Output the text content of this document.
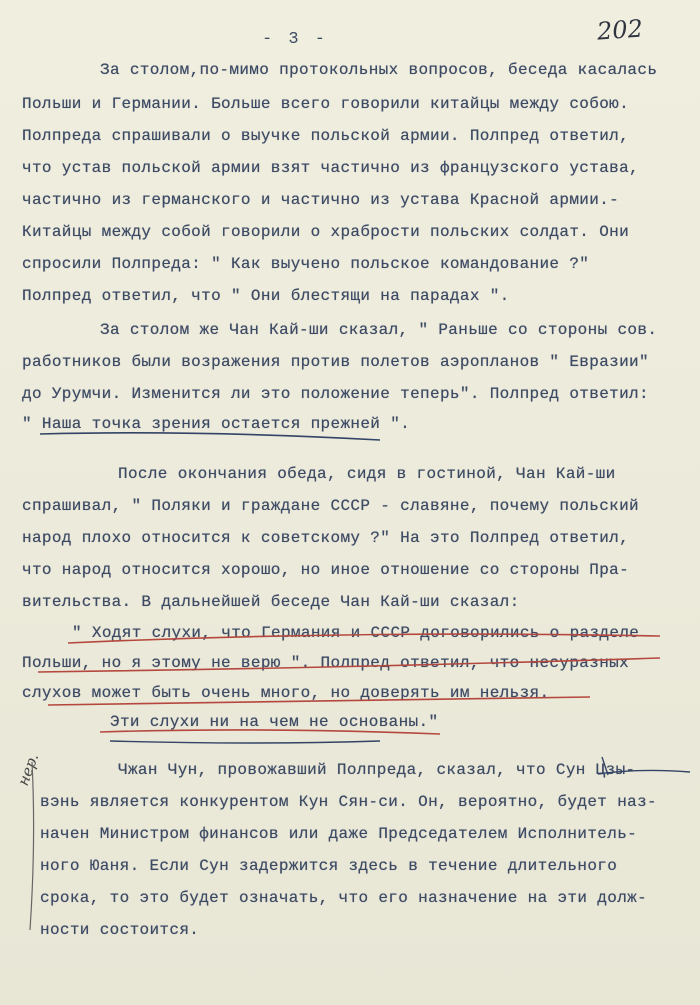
- 3 -	202
нер.
За столом,по-мимо протокольных вопросов, беседа касалась
Польши и Германии. Больше всего говорили китайцы между собою.
Полпреда спрашивали о выучке польской армии. Полпред ответил,
что устав польской армии взят частично из французского устава,
частично из германского и частично из устава Красной армии.-
Китайцы между собой говорили о храбрости польских солдат. Они
спросили Полпреда: " Как выучено польское командование ?"
Полпред ответил, что " Они блестящи на парадах ".
За столом же Чан Кай-ши сказал, " Раньше со стороны сов.
работников были возражения против полетов аэропланов " Евразии"
до Урумчи. Изменится ли это положение теперь". Полпред ответил:
" Наша точка зрения остается прежней ".
После окончания обеда, сидя в гостиной, Чан Кай-ши
спрашивал, " Поляки и граждане СССР - славяне, почему польский
народ плохо относится к советскому ?" На это Полпред ответил,
что народ относится хорошо, но иное отношение со стороны Пра-
вительства. В дальнейшей беседе Чан Кай-ши сказал:
" Ходят слухи, что Германия и СССР договорились о разделе
Польши, но я этому не верю ". Полпред ответил, что несуразных
слухов может быть очень много, но доверять им нельзя.
Эти слухи ни на чем не основаны."
Чжан Чун, провожавший Полпреда, сказал, что Сун Цзы-
вэнь является конкурентом Кун Сян-си. Он, вероятно, будет наз-
начен Министром финансов или даже Председателем Исполнитель-
ного Юаня. Если Сун задержится здесь в течение длительного
срока, то это будет означать, что его назначение на эти долж-
ности состоится.
